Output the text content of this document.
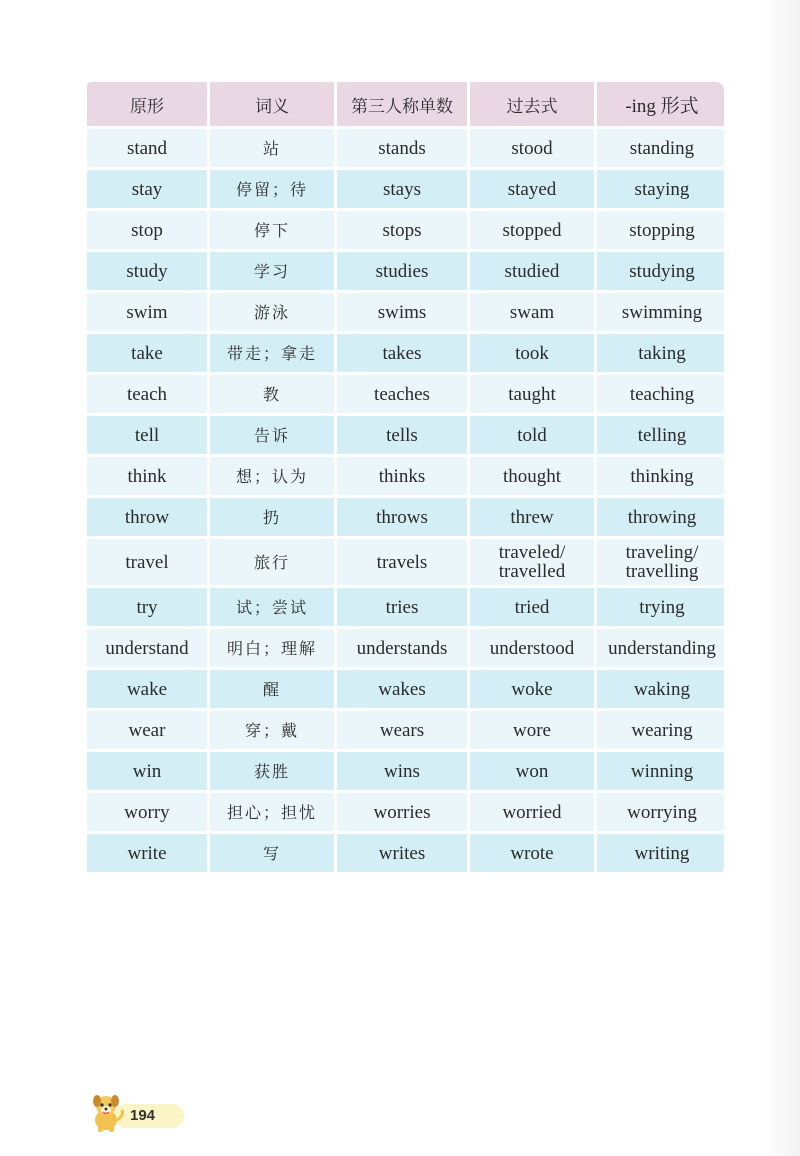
原形	词义	第三人称单数	过去式	-ing 形式
stand	站	stands	stood	standing
stay	停留；待	stays	stayed	staying
stop	停下	stops	stopped	stopping
study	学习	studies	studied	studying
swim	游泳	swims	swam	swimming
take	带走；拿走	takes	took	taking
teach	教	teaches	taught	teaching
tell	告诉	tells	told	telling
think	想；认为	thinks	thought	thinking
throw	扔	throws	threw	throwing
travel	旅行	travels	traveled/ travelled	traveling/ travelling
try	试；尝试	tries	tried	trying
understand	明白；理解	understands	understood	understanding
wake	醒	wakes	woke	waking
wear	穿；戴	wears	wore	wearing
win	获胜	wins	won	winning
worry	担心；担忧	worries	worried	worrying
write	写	writes	wrote	writing
194
